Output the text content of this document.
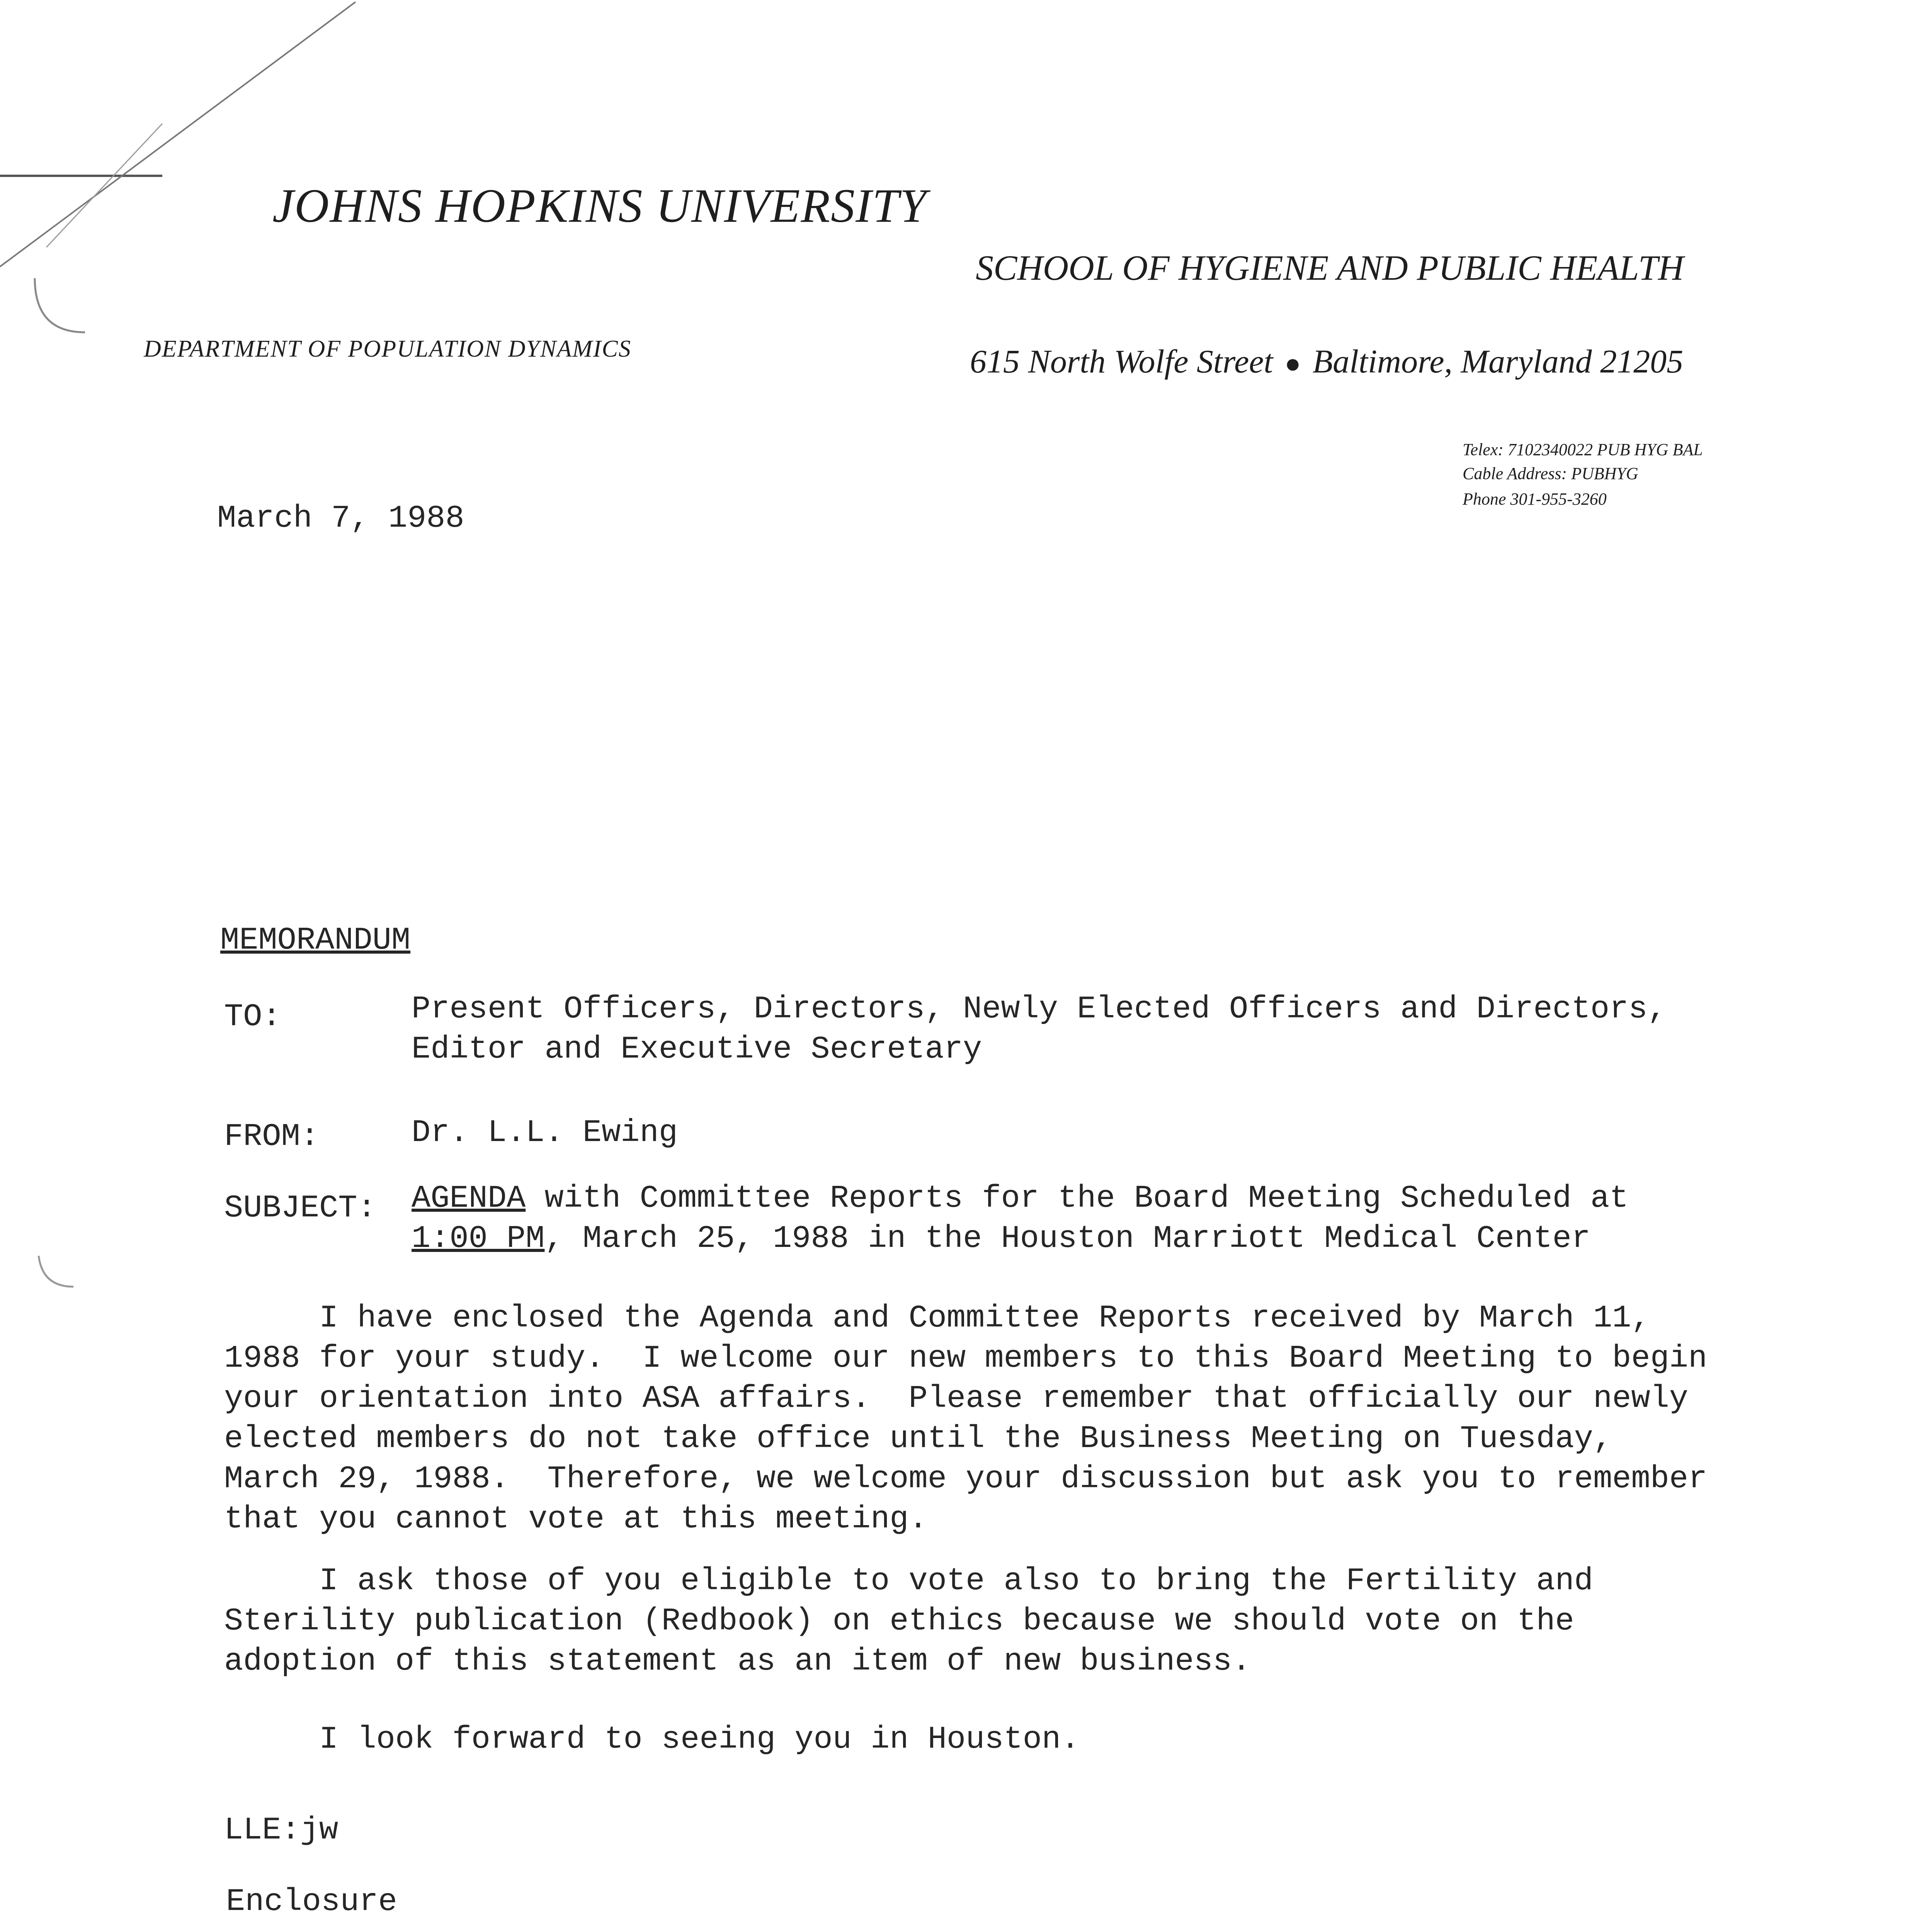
JOHNS HOPKINS UNIVERSITY
SCHOOL OF HYGIENE AND PUBLIC HEALTH
DEPARTMENT OF POPULATION DYNAMICS	615 North Wolfe Street ● Baltimore, Maryland 21205
Telex: 7102340022 PUB HYG BAL
Cable Address: PUBHYG
Phone 301-955-3260
March 7, 1988
MEMORANDUM
TO:	Present Officers, Directors, Newly Elected Officers and Directors,
Editor and Executive Secretary
FROM:	Dr. L.L. Ewing
SUBJECT: AGENDA with Committee Reports for the Board Meeting Scheduled at
1:00 PM, March 25, 1988 in the Houston Marriott Medical Center
I have enclosed the Agenda and Committee Reports received by March 11,
1988 for your study.  I welcome our new members to this Board Meeting to begin
your orientation into ASA affairs.  Please remember that officially our newly
elected members do not take office until the Business Meeting on Tuesday,
March 29, 1988.  Therefore, we welcome your discussion but ask you to remember
that you cannot vote at this meeting.
I ask those of you eligible to vote also to bring the Fertility and
Sterility publication (Redbook) on ethics because we should vote on the
adoption of this statement as an item of new business.
I look forward to seeing you in Houston.
LLE:jw
Enclosure
